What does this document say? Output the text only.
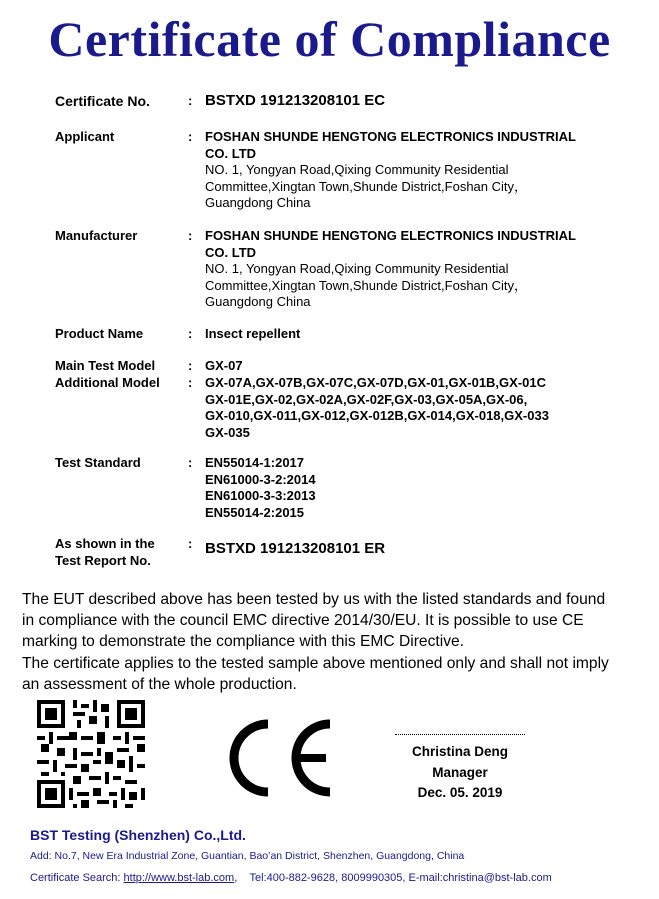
Certificate of Compliance
Certificate No.	: BSTXD 191213208101 EC
Applicant	: FOSHAN SHUNDE HENGTONG ELECTRONICS INDUSTRIAL
CO. LTD
NO. 1, Yongyan Road,Qixing Community Residential
Committee,Xingtan Town,Shunde District,Foshan City，
Guangdong China
Manufacturer	: FOSHAN SHUNDE HENGTONG ELECTRONICS INDUSTRIAL
CO. LTD
NO. 1, Yongyan Road,Qixing Community Residential
Committee,Xingtan Town,Shunde District,Foshan City，
Guangdong China
Product Name	: Insect repellent
Main Test Model	: GX-07
Additional Model	: GX-07A,GX-07B,GX-07C,GX-07D,GX-01,GX-01B,GX-01C
GX-01E,GX-02,GX-02A,GX-02F,GX-03,GX-05A,GX-06,
GX-010,GX-011,GX-012,GX-012B,GX-014,GX-018,GX-033
GX-035
Test Standard	: EN55014-1:2017
EN61000-3-2:2014
EN61000-3-3:2013
EN55014-2:2015
As shown in the
Test Report No.
: BSTXD 191213208101 ER
The EUT described above has been tested by us with the listed standards and found
in compliance with the council EMC directive 2014/30/EU. It is possible to use CE
marking to demonstrate the compliance with this EMC Directive.
The certificate applies to the tested sample above mentioned only and shall not imply
an assessment of the whole production.
Christina Deng
Manager
Dec. 05. 2019
BST Testing (Shenzhen) Co.,Ltd.
Add: No.7, New Era Industrial Zone, Guantian, Bao’an District, Shenzhen, Guangdong, China
Certificate Search: http://www.bst-lab.com, Tel:400-882-9628, 8009990305, E-mail:christina@bst-lab.com
